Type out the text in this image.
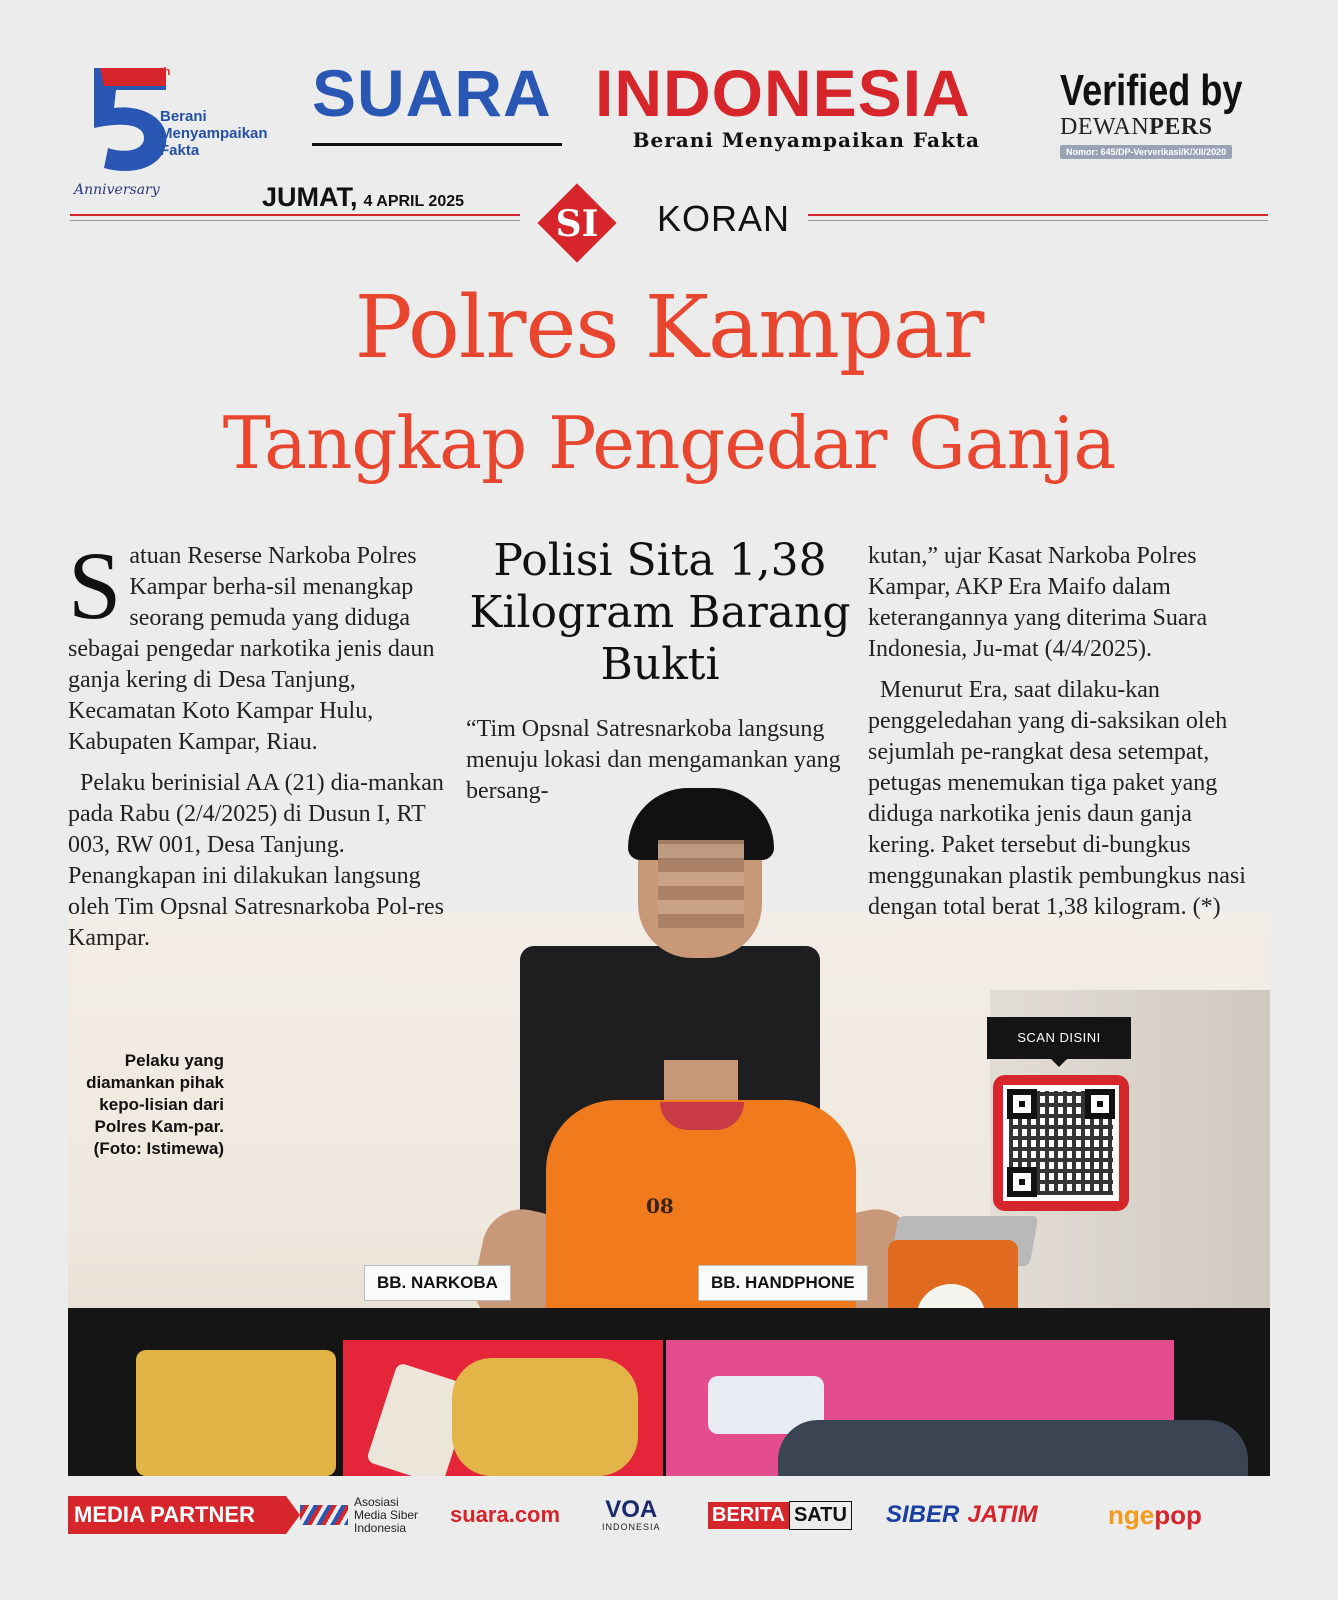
th
Berani
Menyampaikan
Fakta
Anniversary
SUARA INDONESIA
Berani Menyampaikan Fakta
Verified by
DEWANPERS
Nomor: 645/DP-Ververikasi/K/XII/2020
JUMAT, 4 APRIL 2025
SI	KORAN
Polres Kampar
Tangkap Pengedar Ganja
08
BB. NARKOBA	BB. HANDPHONE

Satuan Reserse Narkoba Polres Kampar berha-sil menangkap seorang pemuda yang diduga sebagai pengedar narkotika jenis daun ganja kering di Desa Tanjung, Kecamatan Koto Kampar Hulu, Kabupaten Kampar, Riau.

Pelaku berinisial AA (21) dia-mankan pada Rabu (2/4/2025) di Dusun I, RT 003, RW 001, Desa Tanjung. Penangkapan ini dilakukan langsung oleh Tim Opsnal Satresnarkoba Pol-res Kampar.

Polisi Sita 1,38 Kilogram Barang Bukti
“Tim Opsnal Satresnarkoba langsung menuju lokasi dan mengamankan yang bersang-

kutan,” ujar Kasat Narkoba Polres Kampar, AKP Era Maifo dalam keterangannya yang diterima Suara Indonesia, Ju-mat (4/4/2025).

Menurut Era, saat dilaku-kan penggeledahan yang di-saksikan oleh sejumlah pe-rangkat desa setempat, petugas menemukan tiga paket yang diduga narkotika jenis daun ganja kering. Paket tersebut di-bungkus menggunakan plastik pembungkus nasi dengan total berat 1,38 kilogram. (*)

Pelaku yang diamankan pihak kepo-lisian dari Polres Kam-par. (Foto: Istimewa)
SCAN DISINI
MEDIA PARTNER
Asosiasi
Media Siber
Indonesia
suara.com VOA
INDONESIA
BERITA SATU SIBER JATIM	nge pop
